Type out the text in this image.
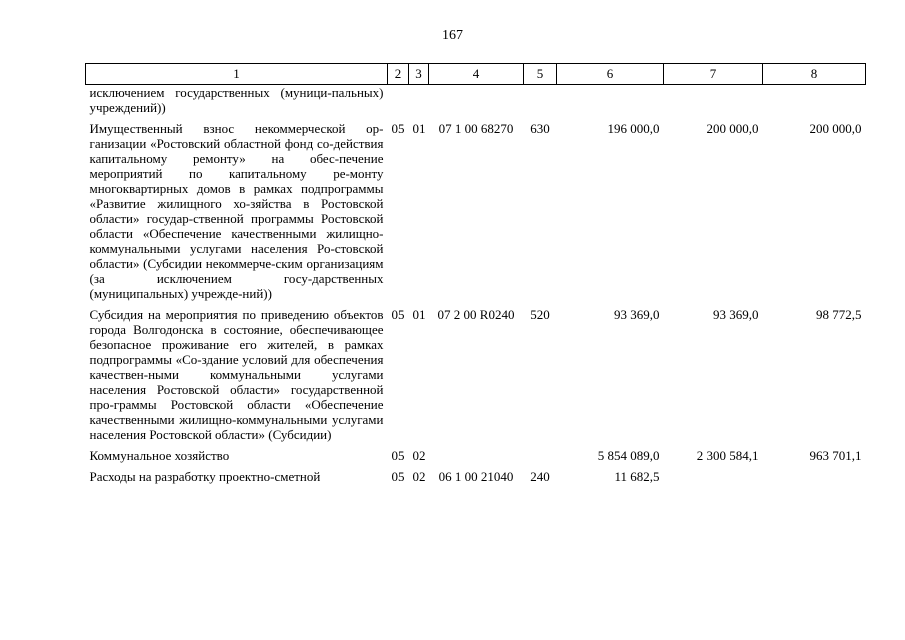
167
1	2	3	4	5	6	7	8
исключением государственных (муници-пальных) учреждений))							
Имущественный взнос некоммерческой ор-ганизации «Ростовский областной фонд со-действия капитальному ремонту» на обес-печение мероприятий по капитальному ре-монту многоквартирных домов в рамках подпрограммы «Развитие жилищного хо-зяйства в Ростовской области» государ-ственной программы Ростовской области «Обеспечение качественными жилищно-коммунальными услугами населения Ро-стовской области» (Субсидии некоммерче-ским организациям (за исключением госу-дарственных (муниципальных) учрежде-ний))	05	01	07 1 00 68270	630	196 000,0	200 000,0	200 000,0
Субсидия на мероприятия по приведению объектов города Волгодонска в состояние, обеспечивающее безопасное проживание его жителей, в рамках подпрограммы «Со-здание условий для обеспечения качествен-ными коммунальными услугами населения Ростовской области» государственной про-граммы Ростовской области «Обеспечение качественными жилищно-коммунальными услугами населения Ростовской области» (Субсидии)	05	01	07 2 00 R0240	520	93 369,0	93 369,0	98 772,5
Коммунальное хозяйство	05	02			5 854 089,0	2 300 584,1	963 701,1
Расходы на разработку проектно-сметной	05	02	06 1 00 21040	240	11 682,5		
